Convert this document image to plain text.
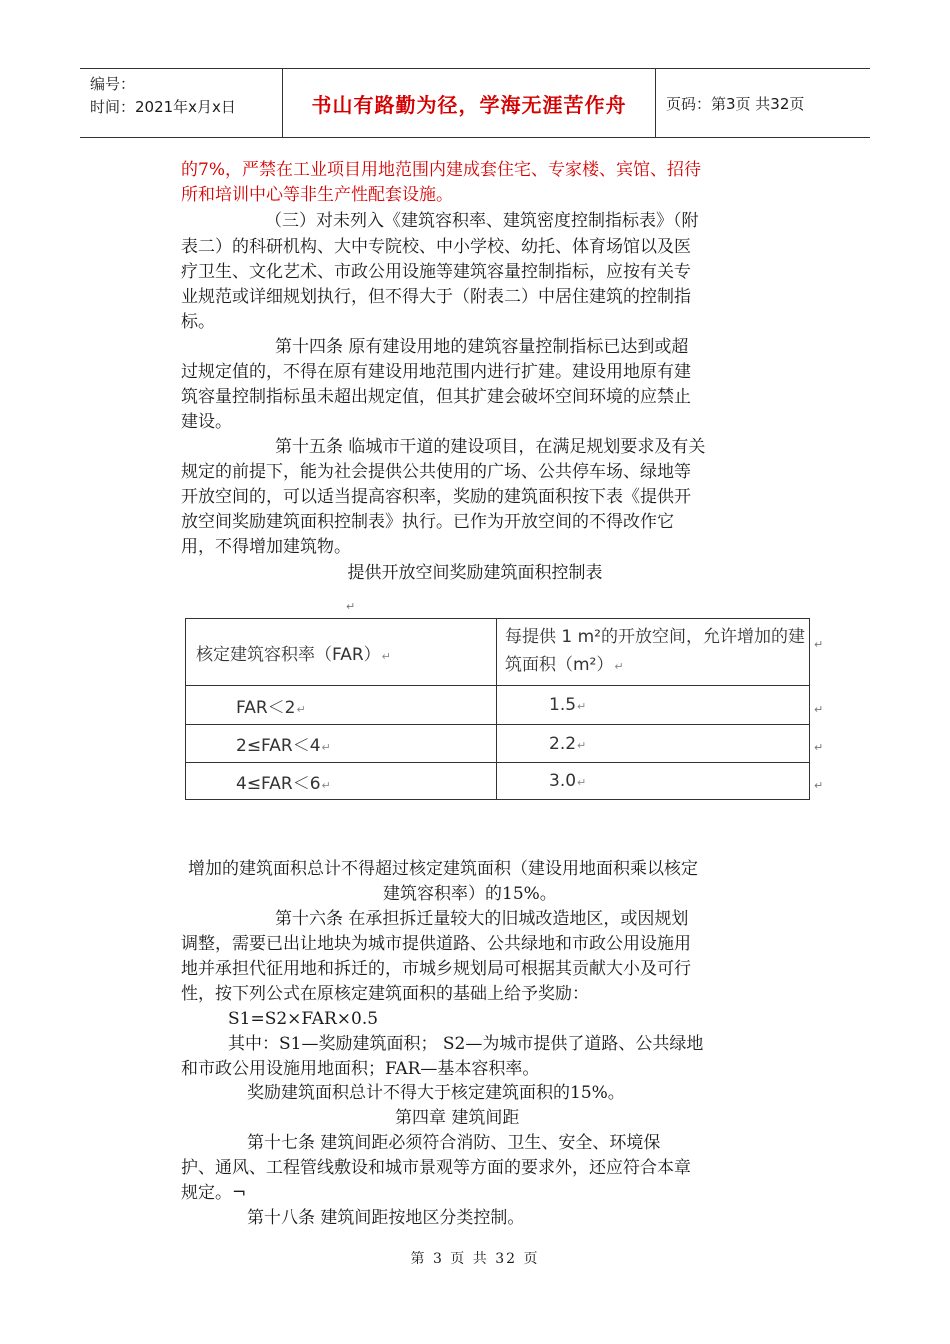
编号：
时间：2021年x月x日	书山有路勤为径，学海无涯苦作舟	页码：第3页 共32页
的7%，严禁在工业项目用地范围内建成套住宅、专家楼、宾馆、招待
所和培训中心等非生产性配套设施。
（三）对未列入《建筑容积率、建筑密度控制指标表》（附
表二）的科研机构、大中专院校、中小学校、幼托、体育场馆以及医
疗卫生、文化艺术、市政公用设施等建筑容量控制指标，应按有关专
业规范或详细规划执行，但不得大于（附表二）中居住建筑的控制指
标。
第十四条 原有建设用地的建筑容量控制指标已达到或超
过规定值的，不得在原有建设用地范围内进行扩建。建设用地原有建
筑容量控制指标虽未超出规定值，但其扩建会破坏空间环境的应禁止
建设。
第十五条 临城市干道的建设项目，在满足规划要求及有关
规定的前提下，能为社会提供公共使用的广场、公共停车场、绿地等
开放空间的，可以适当提高容积率，奖励的建筑面积按下表《提供开
放空间奖励建筑面积控制表》执行。已作为开放空间的不得改作它
用，不得增加建筑物。
提供开放空间奖励建筑面积控制表
↵
核定建筑容积率（FAR）↵	每提供 1 m²的开放空间，允许增加的建
筑面积（m²）↵

FAR＜2↵	1.5↵
2≤FAR＜4↵	2.2↵
4≤FAR＜6↵	3.0↵
↵
↵
↵
↵
增加的建筑面积总计不得超过核定建筑面积（建设用地面积乘以核定
建筑容积率）的15%。
第十六条 在承担拆迁量较大的旧城改造地区，或因规划
调整，需要已出让地块为城市提供道路、公共绿地和市政公用设施用
地并承担代征用地和拆迁的，市城乡规划局可根据其贡献大小及可行
性，按下列公式在原核定建筑面积的基础上给予奖励：
S1=S2×FAR×0.5
其中：S1—奖励建筑面积； S2—为城市提供了道路、公共绿地
和市政公用设施用地面积；FAR—基本容积率。
奖励建筑面积总计不得大于核定建筑面积的15%。
第四章 建筑间距
第十七条 建筑间距必须符合消防、卫生、安全、环境保
护、通风、工程管线敷设和城市景观等方面的要求外，还应符合本章
规定。¬
第十八条 建筑间距按地区分类控制。
第 3 页 共 32 页
